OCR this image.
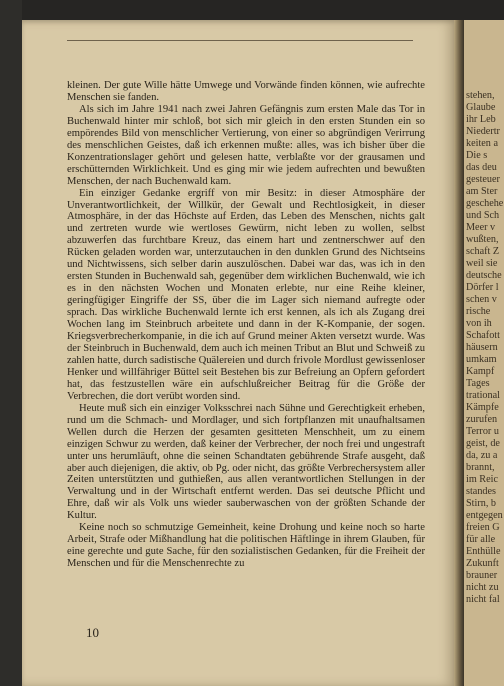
kleinen. Der gute Wille hätte Umwege und Vorwände finden können, wie aufrechte Menschen sie fanden.

Als sich im Jahre 1941 nach zwei Jahren Gefängnis zum ersten Male das Tor in Buchenwald hinter mir schloß, bot sich mir gleich in den ersten Stunden ein so empörendes Bild von menschlicher Vertierung, von einer so abgründigen Verirrung des menschlichen Geistes, daß ich erkennen mußte: alles, was ich bisher über die Konzentrationslager gehört und gelesen hatte, verblaßte vor der grausamen und erschütternden Wirklichkeit. Und es ging mir wie jedem aufrechten und bewußten Menschen, der nach Buchenwald kam.

Ein einziger Gedanke ergriff von mir Besitz: in dieser Atmosphäre der Unverantwortlichkeit, der Willkür, der Gewalt und Rechtlosigkeit, in dieser Atmosphäre, in der das Höchste auf Erden, das Leben des Menschen, nichts galt und zertreten wurde wie wertloses Gewürm, nicht leben zu wollen, selbst abzuwerfen das furchtbare Kreuz, das einem hart und zentnerschwer auf den Rücken geladen worden war, unterzutauchen in den dunklen Grund des Nichtseins und Nichtwissens, sich selber darin auszulöschen. Dabei war das, was ich in den ersten Stunden in Buchenwald sah, gegenüber dem wirklichen Buchenwald, wie ich es in den nächsten Wochen und Monaten erlebte, nur eine Reihe kleiner, geringfügiger Eingriffe der SS, über die im Lager sich niemand aufregte oder sprach. Das wirkliche Buchenwald lernte ich erst kennen, als ich als Zugang drei Wochen lang im Steinbruch arbeitete und dann in der K-Kompanie, der sogen. Kriegsverbrecherkompanie, in die ich auf Grund meiner Akten versetzt wurde. Was der Steinbruch in Buchenwald, dem auch ich meinen Tribut an Blut und Schweiß zu zahlen hatte, durch sadistische Quälereien und durch frivole Mordlust gewissenloser Henker und willfähriger Büttel seit Bestehen bis zur Befreiung an Opfern gefordert hat, das festzustellen wäre ein aufschlußreicher Beitrag für die Größe der Verbrechen, die dort verübt worden sind.

Heute muß sich ein einziger Volksschrei nach Sühne und Gerechtigkeit erheben, rund um die Schmach- und Mordlager, und sich fortpflanzen mit unaufhaltsamen Wellen durch die Herzen der gesamten gesitteten Menschheit, um zu einem einzigen Schwur zu werden, daß keiner der Verbrecher, der noch frei und ungestraft unter uns herumläuft, ohne die seinen Schandtaten gebührende Strafe ausgeht, daß aber auch diejenigen, die aktiv, ob Pg. oder nicht, das größte Verbrechersystem aller Zeiten unterstützten und guthießen, aus allen verantwortlichen Stellungen in der Verwaltung und in der Wirtschaft entfernt werden. Das sei deutsche Pflicht und Ehre, daß wir als Volk uns wieder sauberwaschen von der größten Schande der Kultur.

Keine noch so schmutzige Gemeinheit, keine Drohung und keine noch so harte Arbeit, Strafe oder Mißhandlung hat die politischen Häftlinge in ihrem Glauben, für eine gerechte und gute Sache, für den sozialistischen Gedanken, für die Freiheit der Menschen und für die Menschenrechte zu

10
stehen,
Glaube
ihr Leb
Niedertr
keiten a
Die s
das deu
gesteuer
am Ster
geschehe
und Sch
Meer v
wußten,
schaft Z
weil sie
deutsche
Dörfer l
schen v
rische
von ih
Schafott
häusern
umkam
Kampf
Tages
trational
Kämpfe
zurufen
Terror u
geist, de
da, zu a
brannt,
im Reic
standes
Stirn, b
entgegen
freien G
für alle
Enthülle
Zukunft
brauner
nicht zu
nicht fal
